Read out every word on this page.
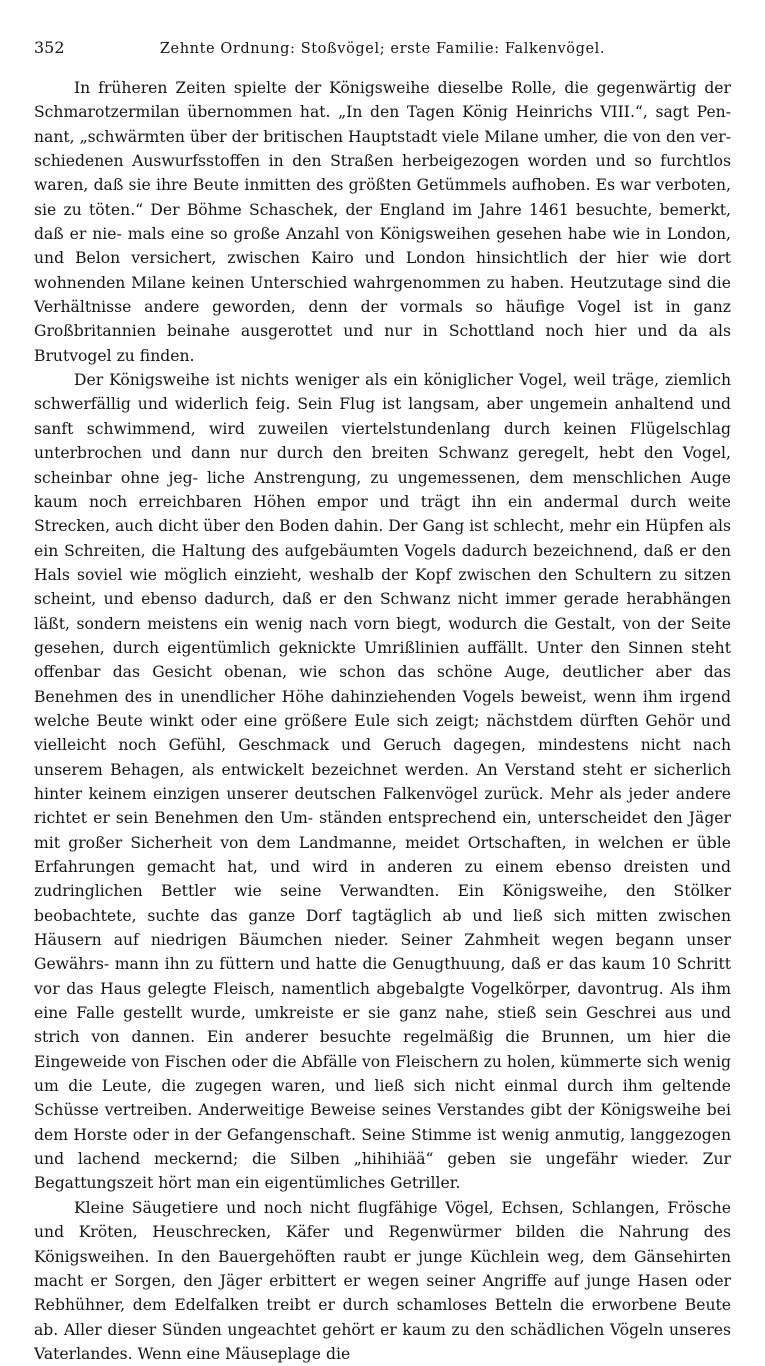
352	Zehnte Ordnung: Stoßvögel; erste Familie: Falkenvögel.

In früheren Zeiten spielte der Königsweihe dieselbe Rolle, die gegenwärtig der Schmarotzermilan übernommen hat. „In den Tagen König Heinrichs VIII.“, sagt Pen- nant, „schwärmten über der britischen Hauptstadt viele Milane umher, die von den ver- schiedenen Auswurfsstoffen in den Straßen herbeigezogen worden und so furchtlos waren, daß sie ihre Beute inmitten des größten Getümmels aufhoben. Es war verboten, sie zu töten.“ Der Böhme Schaschek, der England im Jahre 1461 besuchte, bemerkt, daß er nie- mals eine so große Anzahl von Königsweihen gesehen habe wie in London, und Belon versichert, zwischen Kairo und London hinsichtlich der hier wie dort wohnenden Milane keinen Unterschied wahrgenommen zu haben. Heutzutage sind die Verhältnisse andere geworden, denn der vormals so häufige Vogel ist in ganz Großbritannien beinahe ausgerottet und nur in Schottland noch hier und da als Brutvogel zu finden.

Der Königsweihe ist nichts weniger als ein königlicher Vogel, weil träge, ziemlich schwerfällig und widerlich feig. Sein Flug ist langsam, aber ungemein anhaltend und sanft schwimmend, wird zuweilen viertelstundenlang durch keinen Flügelschlag unterbrochen und dann nur durch den breiten Schwanz geregelt, hebt den Vogel, scheinbar ohne jeg- liche Anstrengung, zu ungemessenen, dem menschlichen Auge kaum noch erreichbaren Höhen empor und trägt ihn ein andermal durch weite Strecken, auch dicht über den Boden dahin. Der Gang ist schlecht, mehr ein Hüpfen als ein Schreiten, die Haltung des aufgebäumten Vogels dadurch bezeichnend, daß er den Hals soviel wie möglich einzieht, weshalb der Kopf zwischen den Schultern zu sitzen scheint, und ebenso dadurch, daß er den Schwanz nicht immer gerade herabhängen läßt, sondern meistens ein wenig nach vorn biegt, wodurch die Gestalt, von der Seite gesehen, durch eigentümlich geknickte Umrißlinien auffällt. Unter den Sinnen steht offenbar das Gesicht obenan, wie schon das schöne Auge, deutlicher aber das Benehmen des in unendlicher Höhe dahinziehenden Vogels beweist, wenn ihm irgend welche Beute winkt oder eine größere Eule sich zeigt; nächstdem dürften Gehör und vielleicht noch Gefühl, Geschmack und Geruch dagegen, mindestens nicht nach unserem Behagen, als entwickelt bezeichnet werden. An Verstand steht er sicherlich hinter keinem einzigen unserer deutschen Falkenvögel zurück. Mehr als jeder andere richtet er sein Benehmen den Um- ständen entsprechend ein, unterscheidet den Jäger mit großer Sicherheit von dem Landmanne, meidet Ortschaften, in welchen er üble Erfahrungen gemacht hat, und wird in anderen zu einem ebenso dreisten und zudringlichen Bettler wie seine Verwandten. Ein Königsweihe, den Stölker beobachtete, suchte das ganze Dorf tagtäglich ab und ließ sich mitten zwischen Häusern auf niedrigen Bäumchen nieder. Seiner Zahmheit wegen begann unser Gewährs- mann ihn zu füttern und hatte die Genugthuung, daß er das kaum 10 Schritt vor das Haus gelegte Fleisch, namentlich abgebalgte Vogelkörper, davontrug. Als ihm eine Falle gestellt wurde, umkreiste er sie ganz nahe, stieß sein Geschrei aus und strich von dannen. Ein anderer besuchte regelmäßig die Brunnen, um hier die Eingeweide von Fischen oder die Abfälle von Fleischern zu holen, kümmerte sich wenig um die Leute, die zugegen waren, und ließ sich nicht einmal durch ihm geltende Schüsse vertreiben. Anderweitige Beweise seines Verstandes gibt der Königsweihe bei dem Horste oder in der Gefangenschaft. Seine Stimme ist wenig anmutig, langgezogen und lachend meckernd; die Silben „hihihiää“ geben sie ungefähr wieder. Zur Begattungszeit hört man ein eigentümliches Getriller.

Kleine Säugetiere und noch nicht flugfähige Vögel, Echsen, Schlangen, Frösche und Kröten, Heuschrecken, Käfer und Regenwürmer bilden die Nahrung des Königsweihen. In den Bauergehöften raubt er junge Küchlein weg, dem Gänsehirten macht er Sorgen, den Jäger erbittert er wegen seiner Angriffe auf junge Hasen oder Rebhühner, dem Edelfalken treibt er durch schamloses Betteln die erworbene Beute ab. Aller dieser Sünden ungeachtet gehört er kaum zu den schädlichen Vögeln unseres Vaterlandes. Wenn eine Mäuseplage die
